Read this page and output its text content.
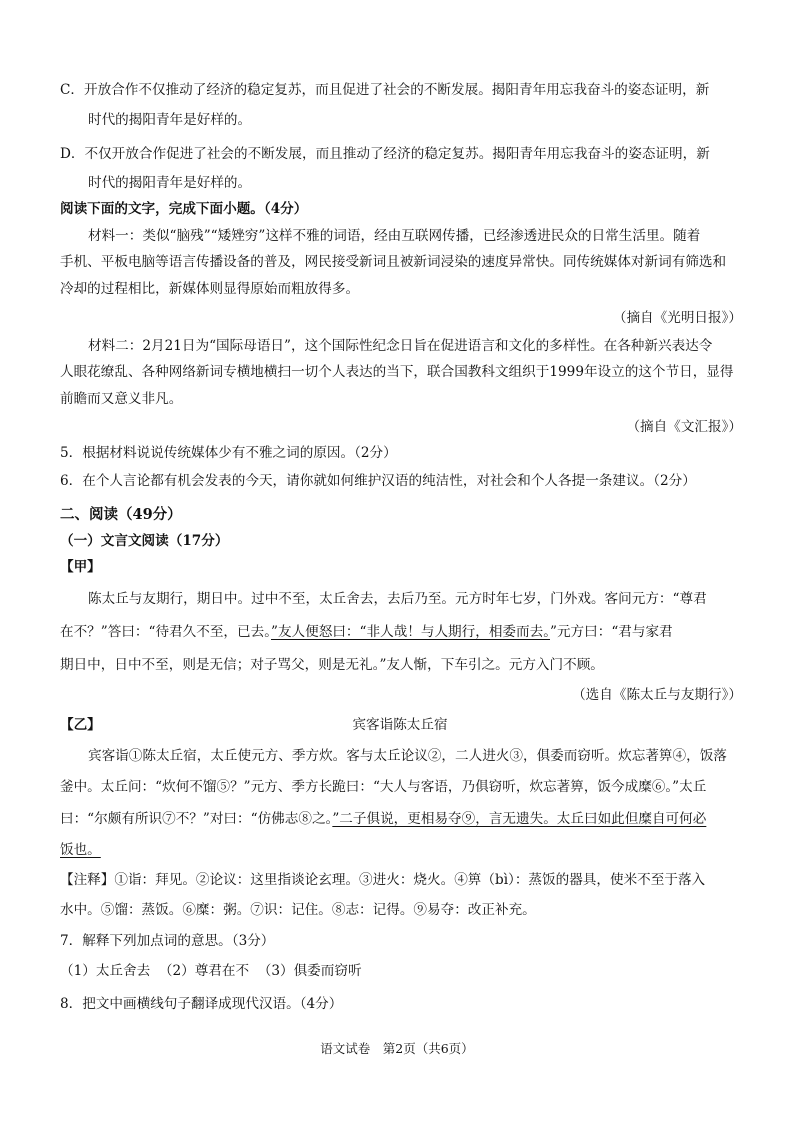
C．开放合作不仅推动了经济的稳定复苏，而且促进了社会的不断发展。揭阳青年用忘我奋斗的姿态证明，新
时代的揭阳青年是好样的。
D．不仅开放合作促进了社会的不断发展，而且推动了经济的稳定复苏。揭阳青年用忘我奋斗的姿态证明，新
时代的揭阳青年是好样的。
阅读下面的文字，完成下面小题。（4分）
材料一：类似“脑残”“矮矬穷”这样不雅的词语，经由互联网传播，已经渗透进民众的日常生活里。随着
手机、平板电脑等语言传播设备的普及，网民接受新词且被新词浸染的速度异常快。同传统媒体对新词有筛选和
冷却的过程相比，新媒体则显得原始而粗放得多。
（摘自《光明日报》）
材料二：2月21日为“国际母语日”，这个国际性纪念日旨在促进语言和文化的多样性。在各种新兴表达令
人眼花缭乱、各种网络新词专横地横扫一切个人表达的当下，联合国教科文组织于1999年设立的这个节日，显得
前瞻而又意义非凡。
（摘自《文汇报》）
5．根据材料说说传统媒体少有不雅之词的原因。（2分）
6．在个人言论都有机会发表的今天，请你就如何维护汉语的纯洁性，对社会和个人各提一条建议。（2分）
二、阅读（49分）
（一）文言文阅读（17分）
【甲】
陈太丘与友期行，期日中。过中不至，太丘舍去，去后乃至。元方时年七岁，门外戏。客问元方：“尊君
在不？”答曰：“待君久不至，已去。”友人便怒曰：“非人哉！与人期行，相委而去。”元方曰：“君与家君
期日中，日中不至，则是无信；对子骂父，则是无礼。”友人惭，下车引之。元方入门不顾。
（选自《陈太丘与友期行》）
【乙】	宾客诣陈太丘宿
宾客诣①陈太丘宿，太丘使元方、季方炊。客与太丘论议②，二人进火③，俱委而窃听。炊忘著箅④，饭落
釜中。太丘问：“炊何不馏⑤？”元方、季方长跪曰：“大人与客语，乃俱窃听，炊忘著箅，饭今成糜⑥。”太丘
曰：“尔颇有所识⑦不？”对曰：“仿佛志⑧之。”二子俱说，更相易夺⑨，言无遗失。太丘曰如此但糜自可何必
饭也。
【注释】①诣：拜见。②论议：这里指谈论玄理。③进火：烧火。④箅（bì）：蒸饭的器具，使米不至于落入
水中。⑤馏：蒸饭。⑥糜：粥。⑦识：记住。⑧志：记得。⑨易夺：改正补充。
7．解释下列加点词的意思。（3分）
（1）太丘舍去 （2）尊君在不 （3）俱委而窃听
8．把文中画横线句子翻译成现代汉语。（4分）
语文试卷　第2页（共6页）
